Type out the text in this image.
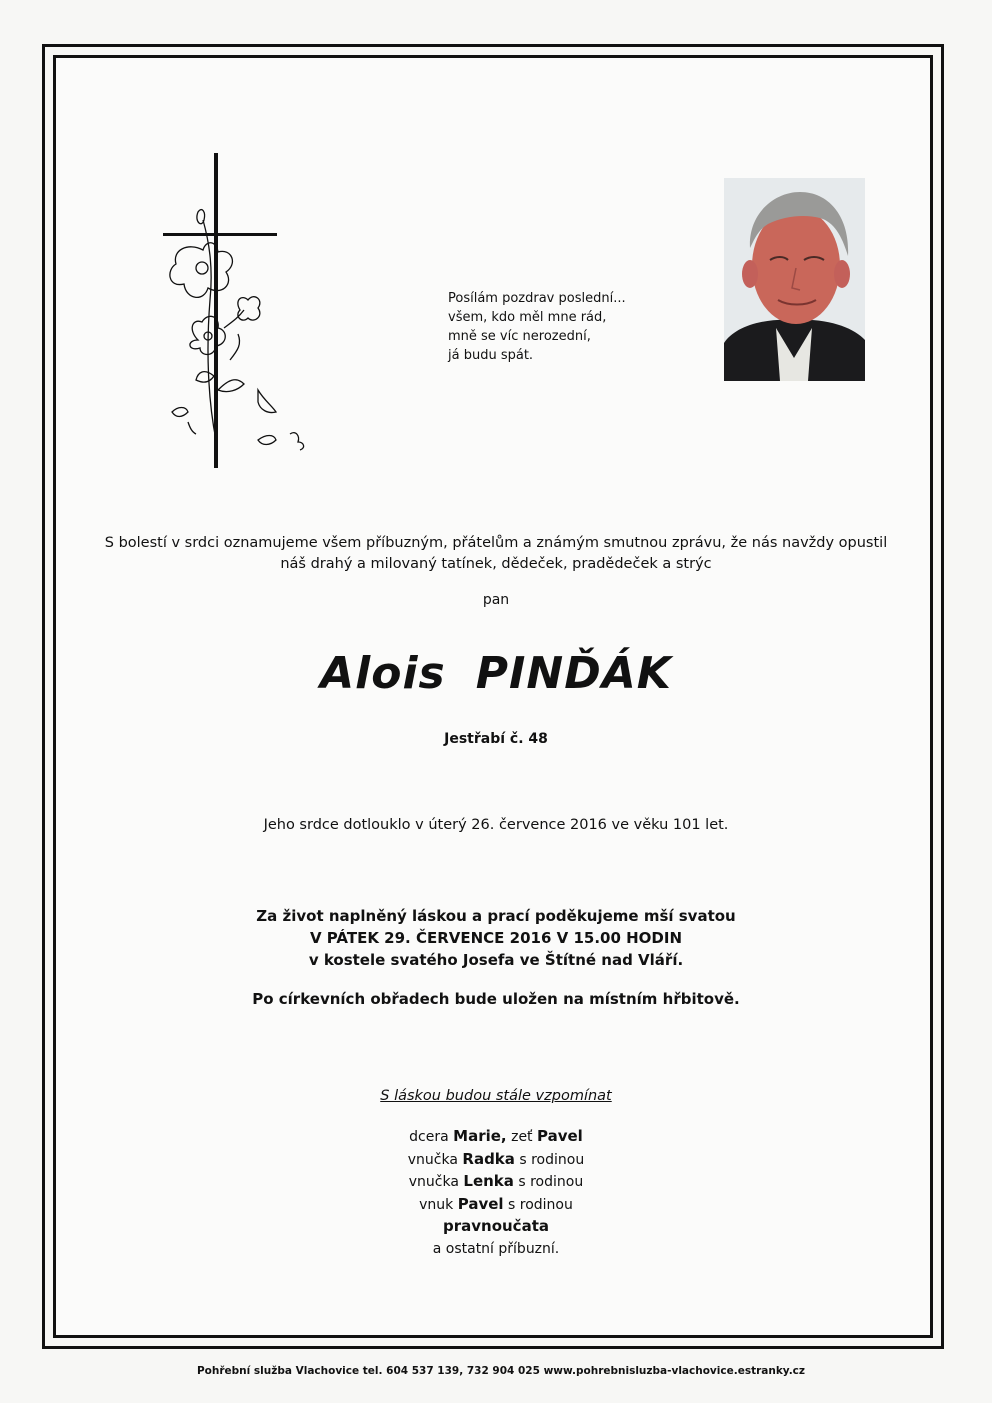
Posílám pozdrav poslední...
všem, kdo měl mne rád,
mně se víc nerozední,
já budu spát.
S bolestí v srdci oznamujeme všem příbuzným, přátelům a známým smutnou zprávu, že nás navždy opustil
náš drahý a milovaný tatínek, dědeček, pradědeček a strýc
pan
Alois PINĎÁK
Jestřabí č. 48
Jeho srdce dotlouklo v úterý 26. července 2016 ve věku 101 let.
Za život naplněný láskou a prací poděkujeme mší svatou
V PÁTEK 29. ČERVENCE 2016 V 15.00 HODIN
v kostele svatého Josefa ve Štítné nad Vláří.
Po církevních obřadech bude uložen na místním hřbitově.
S láskou budou stále vzpomínat
dcera Marie, zeť Pavel
vnučka Radka s rodinou
vnučka Lenka s rodinou
vnuk Pavel s rodinou
pravnoučata
a ostatní příbuzní.
Pohřební služba Vlachovice tel. 604 537 139, 732 904 025 www.pohrebnisluzba-vlachovice.estranky.cz
